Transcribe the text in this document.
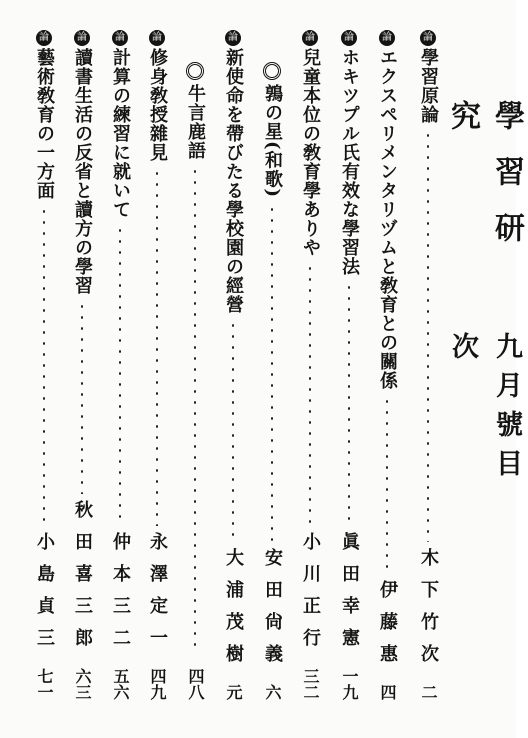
學習研究
九月號目次
論
學習原論
木下竹次
二
論
エクスペリメンタリヅムと敎育との關係
伊藤惠
四
論
ホキツプル氏有效な學習法
眞田幸憲
一九
論
兒童本位の敎育學ありや
小川正行
三二
鶉の星(和歌)
安田尙義
六
論
新使命を帶びたる學校園の經營
大浦茂樹
元
牛言鹿語
四八
論
修身敎授雜見
永澤定一
四九
論
計算の練習に就いて
仲本三二
五六
論
讀書生活の反省と讀方の學習
秋田喜三郎
六三
論
藝術敎育の一方面
小島貞三
七一
